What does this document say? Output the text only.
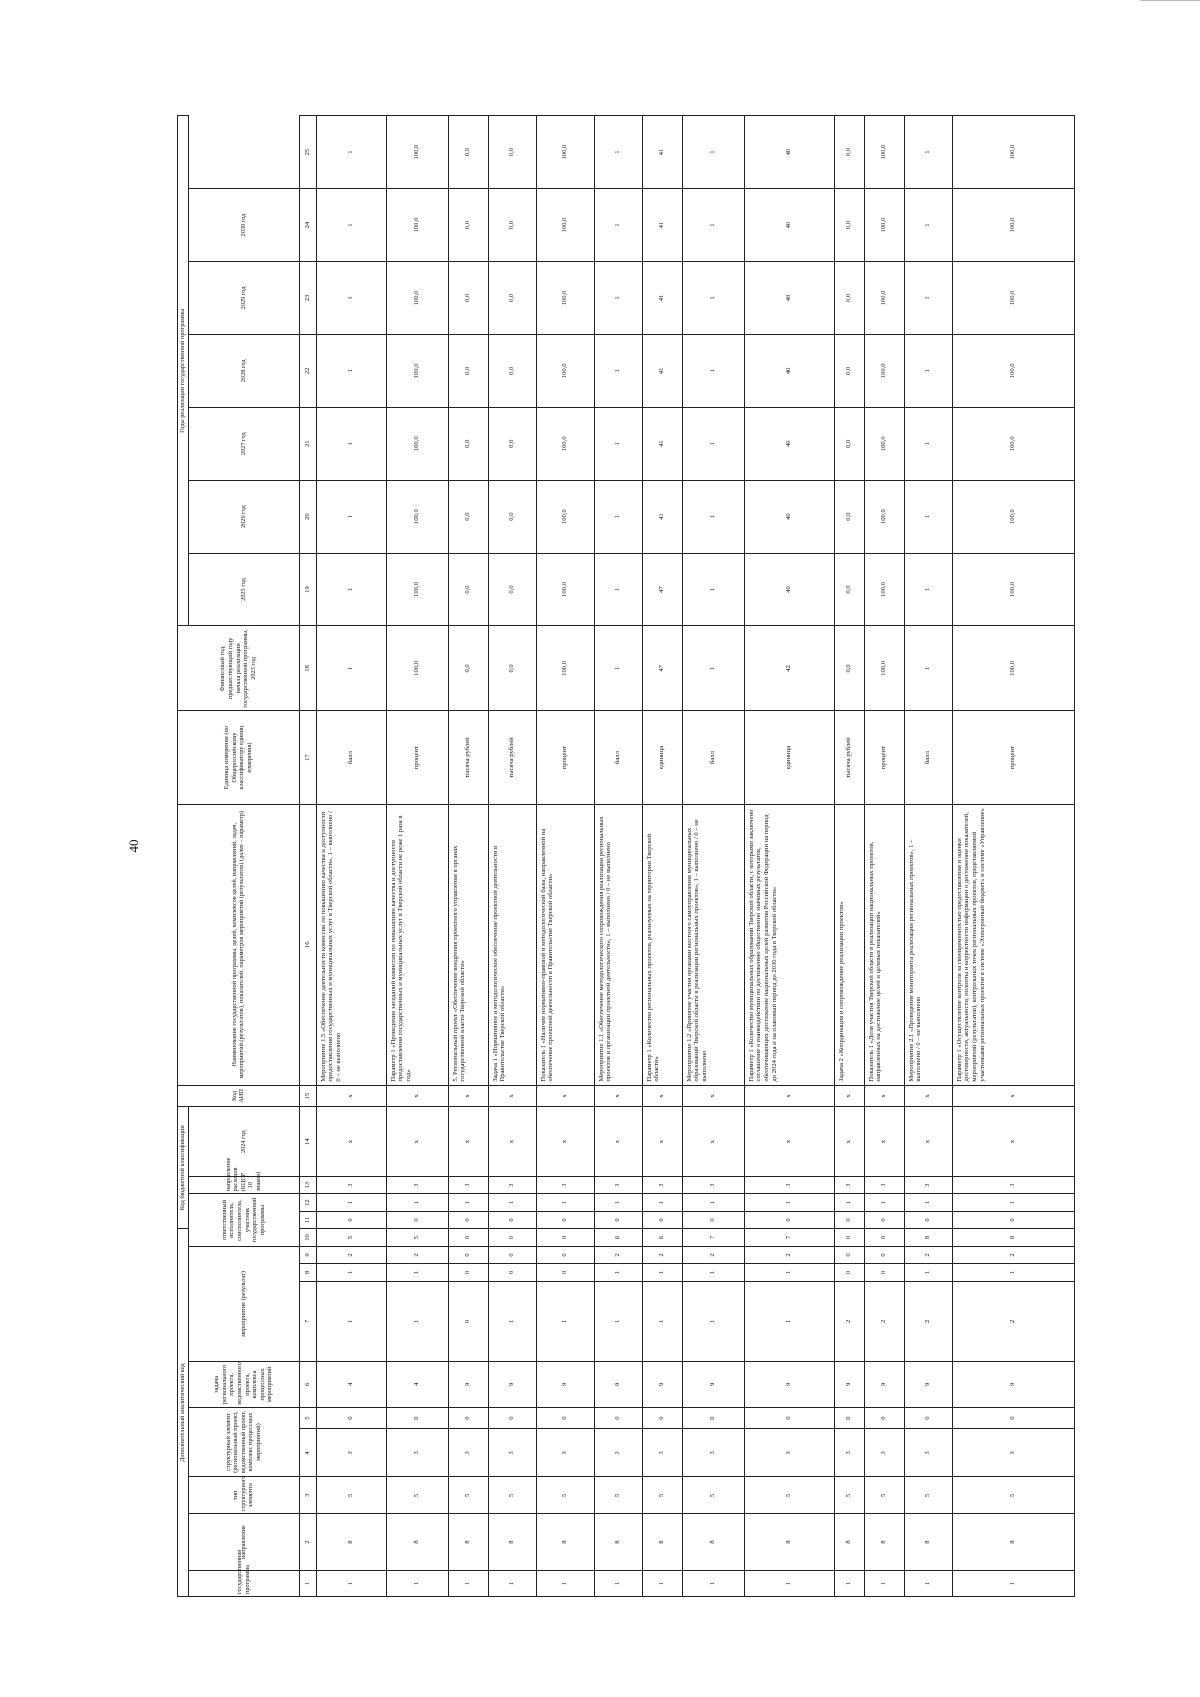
40
Дополнительный аналитический код										Код бюджетной классификации				Код АИП	Наименование государственной программы, целей, комплексов целей, направлений, задач, мероприятий (результатов), показателей, параметров мероприятий (результатов) (далее – параметр)	Единица измерения (по Общероссийскому классификатору единиц измерения)	Финансовый год, предшествующий году начала реализации государственной программы, 2023 год	Годы реализации государственной программы						
государственная программа	направление	тип структурного элемента	структурный элемент (региональный проект, ведомственный проект, комплекс процессных мероприятий)		задача регионального проекта, ведомственного проекта, комплекса процессных мероприятий	мероприятие (результат)			ответственный исполнитель, соисполнитель, участник государственной программы			направление расходов (КЦСР 10 знаков)	2024 год					2025 год	2026 год	2027 год	2028 год	2029 год	2030 год	
1	2	3	4	5	6	7	8	9	10	11	12	13	14	15	16	17	18	19	20	21	22	23	24	25
1	8	5	3	0	4	1	1	2	5	0	1	3	x	x	Мероприятие 1.5 «Обеспечение деятельности комиссии по повышению качества и доступности предоставления государственных и муниципальных услуг в Тверской области», 1 – выполнено / 0 – не выполнено	балл	1	1	1	1	1	1	1	1
1	8	5	3	0	4	1	1	2	5	0	1	3	x	x	Параметр 1 «Проведение заседаний комиссии по повышению качества и доступности предоставления государственных и муниципальных услуг в Тверской области не реже 1 раза в год»	процент	100,0	100,0	100,0	100,0	100,0	100,0	100,0	100,0
1	8	5	3	0	9	0	0	0	0	0	1	3	x	x	5. Региональный проект «Обеспечение внедрения проектного управления в органах государственной власти Тверской области»	тысяча рублей	0,0	0,0	0,0	0,0	0,0	0,0	0,0	0,0
1	8	5	3	0	9	1	0	0	0	0	1	3	x	x	Задача 1 «Нормативное и методологическое обеспечение проектной деятельности в Правительстве Тверской области»	тысяча рублей	0,0	0,0	0,0	0,0	0,0	0,0	0,0	0,0
1	8	5	3	0	9	1	0	0	0	0	1	3	x	x	Показатель 1 «Наличие нормативно-правовой и методологической базы, направленной на обеспечение проектной деятельности в Правительстве Тверской области»	процент	100,0	100,0	100,0	100,0	100,0	100,0	100,0	100,0
1	8	5	3	0	9	1	1	2	6	0	1	3	x	x	Мероприятие 1.1 «Обеспечение методологического сопровождения реализации региональных проектов и организации проектной деятельности», 1 – выполнено / 0 – не выполнено	балл	1	1	1	1	1	1	1	1
1	8	5	3	0	9	1	1	2	6	0	1	3	x	x	Параметр 1 «Количество региональных проектов, реализуемых на территории Тверской области»	единица	47	47	41	41	41	41	41	41
1	8	5	3	0	9	1	1	2	7	0	1	3	x	x	Мероприятие 1.2 «Принятие участия органами местного самоуправления муниципальных образований Тверской области в реализации региональных проектов», 1 – выполнено / 0 – не выполнено	балл	1	1	1	1	1	1	1	1
1	8	5	3	0	9	1	1	2	7	0	1	3	x	x	Параметр 1 «Количество муниципальных образований Тверской области, с которыми заключено соглашение о взаимодействии по достижению общественно значимых результатов, обеспечивающих достижение национальных целей развития Российской Федерации на период до 2024 года и на плановый период до 2030 года в Тверской области»	единица	42	40	40	40	40	40	40	40
1	8	5	3	0	9	2	0	0	0	0	1	3	x	x	Задача 2 «Координация и сопровождение реализации проектов»	тысяча рублей	0,0	0,0	0,0	0,0	0,0	0,0	0,0	0,0
1	8	5	3	0	9	2	0	0	0	0	1	3	x	x	Показатель 1 «Доля участия Тверской области в реализации национальных проектов, направленных на достижение целей и целевых показателей»	процент	100,0	100,0	100,0	100,0	100,0	100,0	100,0	100,0
1	8	5	3	0	9	2	1	2	8	0	1	3	x	x	Мероприятие 2.1 «Проведение мониторинга реализации региональных проектов», 1 – выполнено / 0 – не выполнено	балл	1	1	1	1	1	1	1	1
1	8	5	3	0	9	2	1	2	8	0	1	3	x	x	Параметр 1 «Осуществление контроля за своевременностью предоставления и оценки достоверности, актуальности, полноты и корректности информации о достижении показателей, мероприятий (результатов), контрольных точек региональных проектов, представляемой участниками региональных проектов в системе «Электронный бюджет» и системе «Управление»	процент	100,0	100,0	100,0	100,0	100,0	100,0	100,0	100,0
